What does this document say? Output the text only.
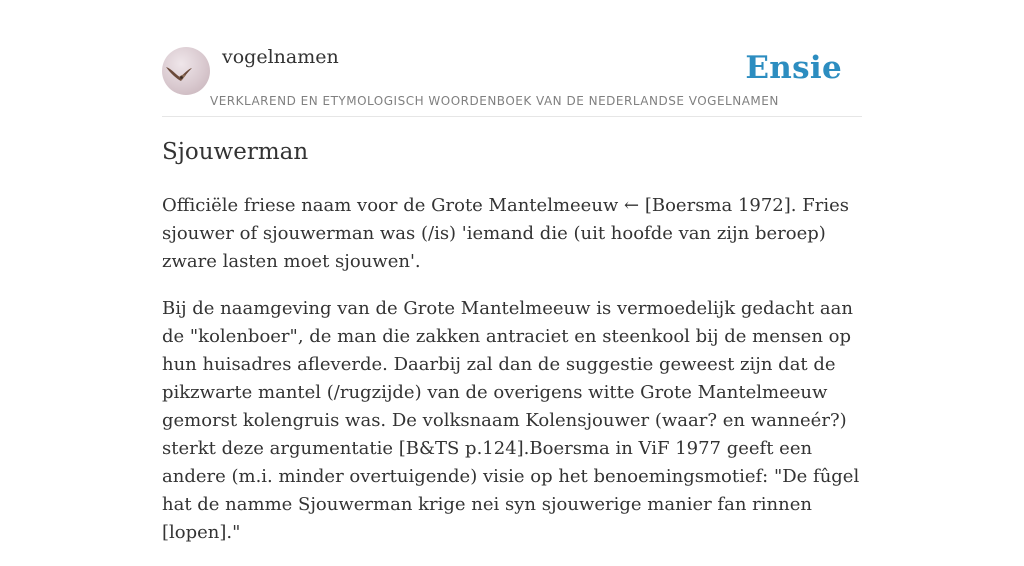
vogelnamen
VERKLAREND EN ETYMOLOGISCH WOORDENBOEK VAN DE NEDERLANDSE VOGELNAMEN
Ensie
Sjouwerman

Officiële friese naam voor de Grote Mantelmeeuw ← [Boersma 1972]. Fries sjouwer of sjouwerman was (/is) 'iemand die (uit hoofde van zijn beroep) zware lasten moet sjouwen'.

Bij de naamgeving van de Grote Mantelmeeuw is vermoedelijk gedacht aan de "kolenboer", de man die zakken antraciet en steenkool bij de mensen op hun huisadres afleverde. Daarbij zal dan de suggestie geweest zijn dat de pikzwarte mantel (/rugzijde) van de overigens witte Grote Mantelmeeuw gemorst kolengruis was. De volksnaam Kolensjouwer (waar? en wanneér?) sterkt deze argumentatie [B&TS p.124].Boersma in ViF 1977 geeft een andere (m.i. minder overtuigende) visie op het benoemingsmotief: "De fûgel hat de namme Sjouwerman krige nei syn sjouwerige manier fan rinnen [lopen]."
